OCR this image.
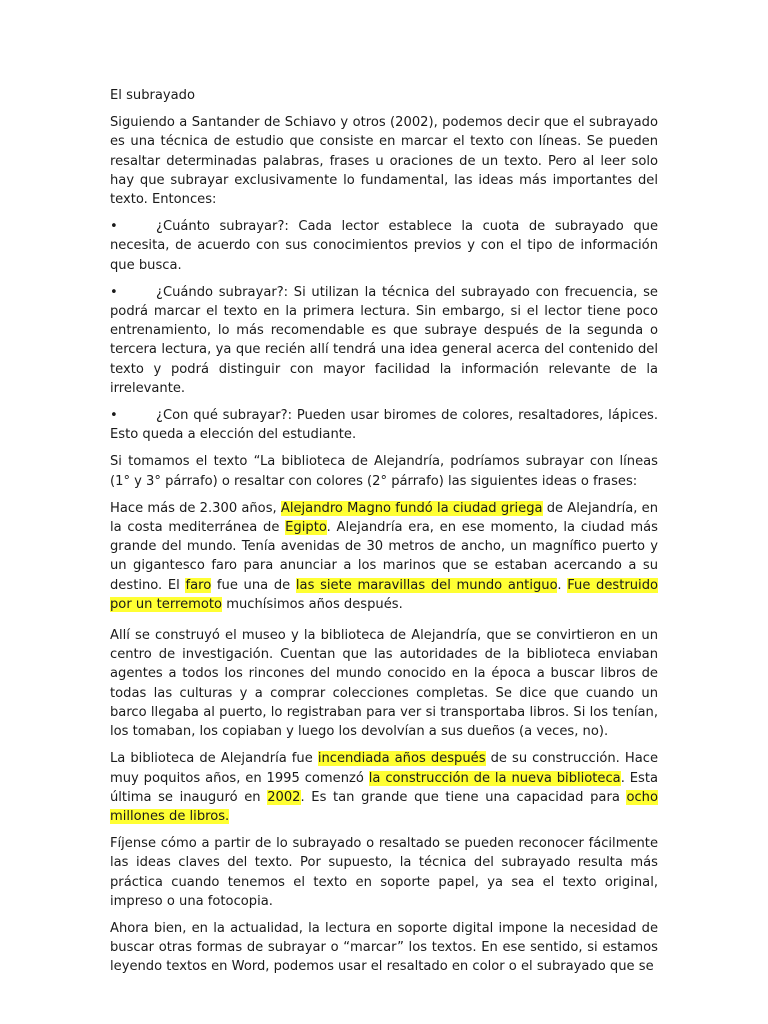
El subrayado

Siguiendo a Santander de Schiavo y otros (2002), podemos decir que el subrayado es una técnica de estudio que consiste en marcar el texto con líneas. Se pueden resaltar determinadas palabras, frases u oraciones de un texto. Pero al leer solo hay que subrayar exclusivamente lo fundamental, las ideas más importantes del texto. Entonces:

•	¿Cuánto subrayar?: Cada lector establece la cuota de subrayado que necesita, de acuerdo con sus conocimientos previos y con el tipo de información que busca.

•	¿Cuándo subrayar?: Si utilizan la técnica del subrayado con frecuencia, se podrá marcar el texto en la primera lectura. Sin embargo, si el lector tiene poco entrenamiento, lo más recomendable es que subraye después de la segunda o tercera lectura, ya que recién allí tendrá una idea general acerca del contenido del texto y podrá distinguir con mayor facilidad la información relevante de la irrelevante.

•	¿Con qué subrayar?: Pueden usar biromes de colores, resaltadores, lápices. Esto queda a elección del estudiante.

Si tomamos el texto “La biblioteca de Alejandría, podríamos subrayar con líneas (1° y 3° párrafo) o resaltar con colores (2° párrafo) las siguientes ideas o frases:

Hace más de 2.300 años, Alejandro Magno fundó la ciudad griega de Alejandría, en la costa mediterránea de Egipto. Alejandría era, en ese momento, la ciudad más grande del mundo. Tenía avenidas de 30 metros de ancho, un magnífico puerto y un gigantesco faro para anunciar a los marinos que se estaban acercando a su destino. El faro fue una de las siete maravillas del mundo antiguo. Fue destruido por un terremoto muchísimos años después.

Allí se construyó el museo y la biblioteca de Alejandría, que se convirtieron en un centro de investigación. Cuentan que las autoridades de la biblioteca enviaban agentes a todos los rincones del mundo conocido en la época a buscar libros de todas las culturas y a comprar colecciones completas. Se dice que cuando un barco llegaba al puerto, lo registraban para ver si transportaba libros. Si los tenían, los tomaban, los copiaban y luego los devolvían a sus dueños (a veces, no).

La biblioteca de Alejandría fue incendiada años después de su construcción. Hace muy poquitos años, en 1995 comenzó la construcción de la nueva biblioteca. Esta última se inauguró en 2002. Es tan grande que tiene una capacidad para ocho millones de libros.

Fíjense cómo a partir de lo subrayado o resaltado se pueden reconocer fácilmente las ideas claves del texto. Por supuesto, la técnica del subrayado resulta más práctica cuando tenemos el texto en soporte papel, ya sea el texto original, impreso o una fotocopia.

Ahora bien, en la actualidad, la lectura en soporte digital impone la necesidad de buscar otras formas de subrayar o “marcar” los textos. En ese sentido, si estamos leyendo textos en Word, podemos usar el resaltado en color o el subrayado que se
